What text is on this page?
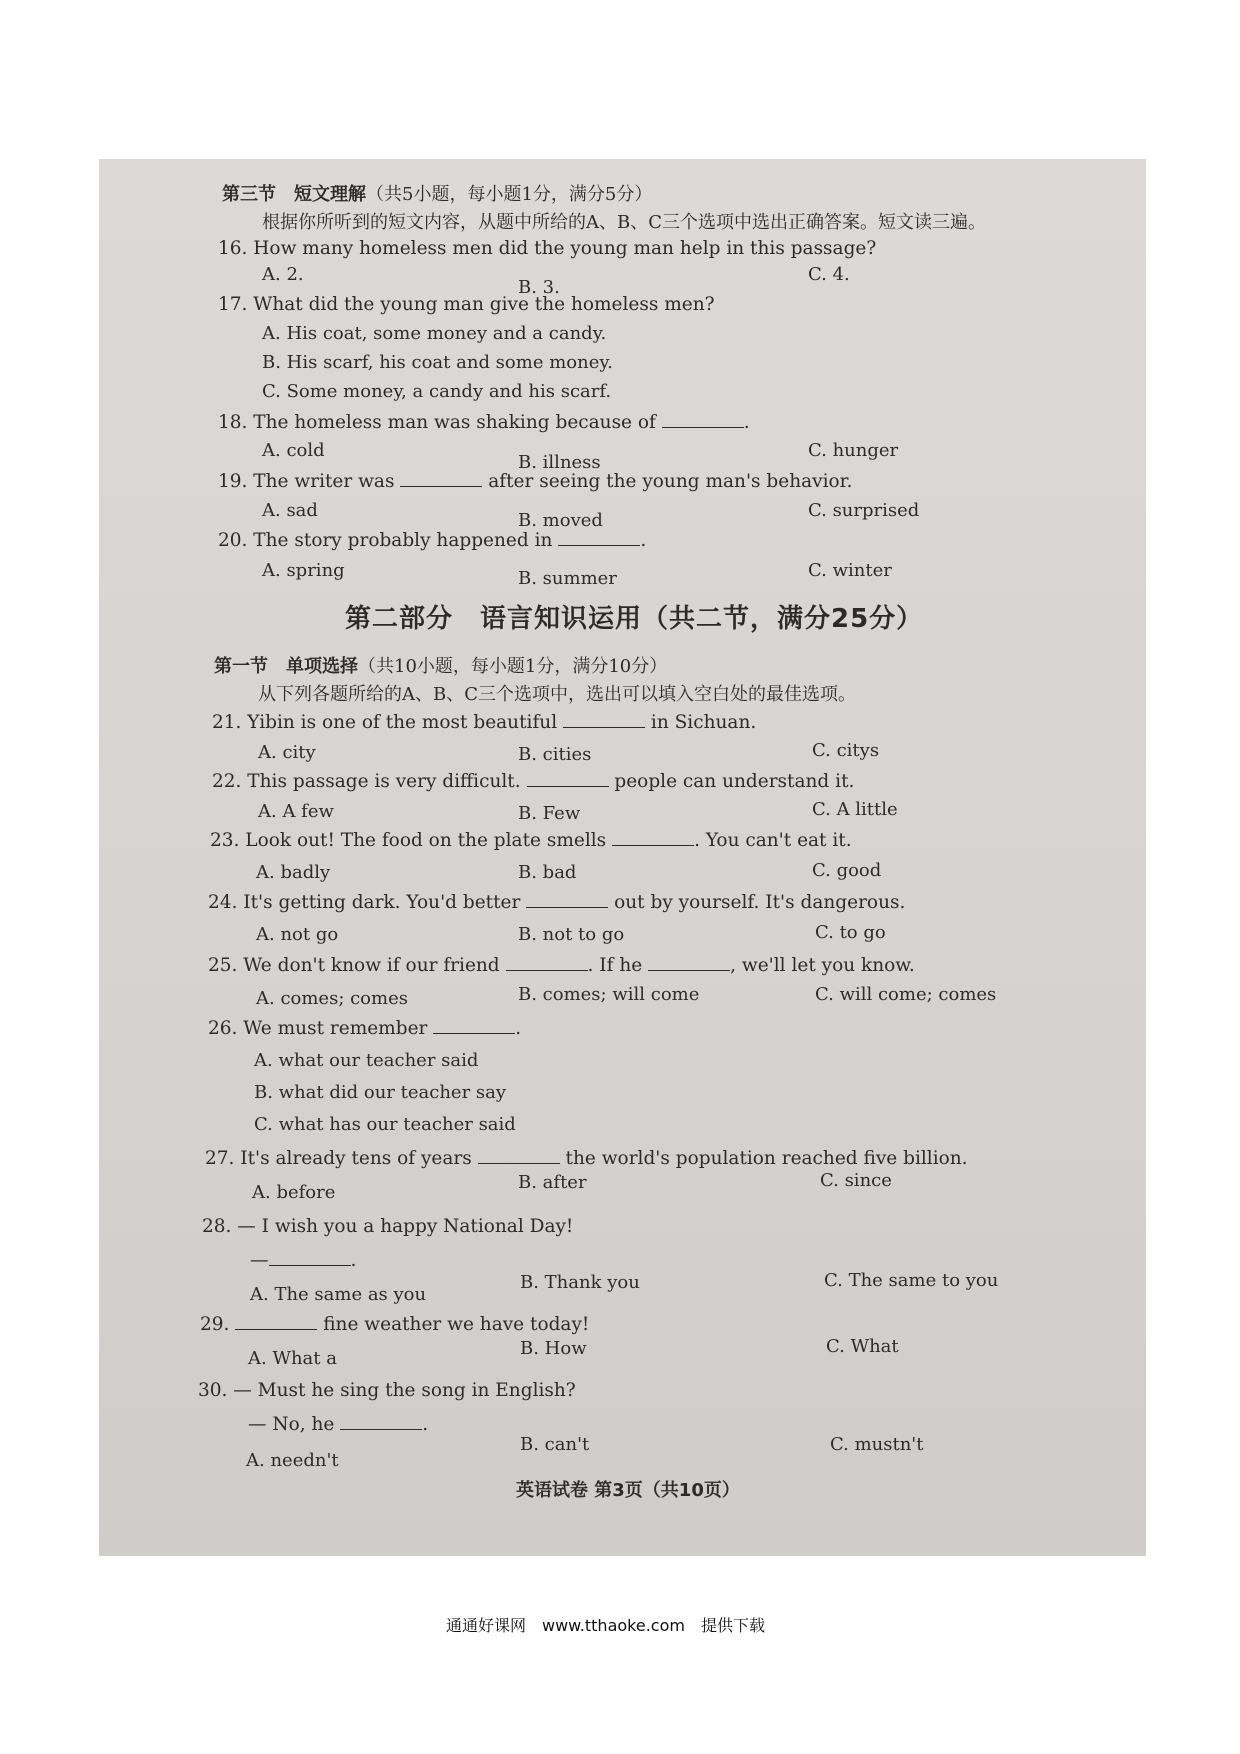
第三节　短文理解（共5小题，每小题1分，满分5分）
根据你所听到的短文内容，从题中所给的A、B、C三个选项中选出正确答案。短文读三遍。
16. How many homeless men did the young man help in this passage?
A. 2.
B. 3.
C. 4.
17. What did the young man give the homeless men?
A. His coat, some money and a candy.
B. His scarf, his coat and some money.
C. Some money, a candy and his scarf.
18. The homeless man was shaking because of	.
A. cold
B. illness
C. hunger
19. The writer was	after seeing the young man's behavior.
A. sad	B. moved	C. surprised
20. The story probably happened in	.
A. spring	B. summer	C. winter
第二部分　语言知识运用（共二节，满分25分）
第一节　单项选择（共10小题，每小题1分，满分10分）
从下列各题所给的A、B、C三个选项中，选出可以填入空白处的最佳选项。
21. Yibin is one of the most beautiful	in Sichuan.
A. city	B. cities	C. citys
22. This passage is very difficult.	people can understand it.
A. A few	B. Few	C. A little
23. Look out! The food on the plate smells	. You can't eat it.
A. badly	B. bad	C. good
24. It's getting dark. You'd better	out by yourself. It's dangerous.
A. not go	B. not to go	C. to go
25. We don't know if our friend	. If he	, we'll let you know.
A. comes; comes	B. comes; will come	C. will come; comes
26. We must remember	.
A. what our teacher said
B. what did our teacher say
C. what has our teacher said
27. It's already tens of years	the world's population reached five billion.
A. before	B. after	C. since
28. — I wish you a happy National Day!
—	.
A. The same as you
B. Thank you	C. The same to you
29.	fine weather we have today!
A. What a	B. How	C. What
30. — Must he sing the song in English?
— No, he	.
A. needn't
B. can't	C. mustn't
英语试卷 第3页（共10页）
通通好课网　www.tthaoke.com　提供下载
